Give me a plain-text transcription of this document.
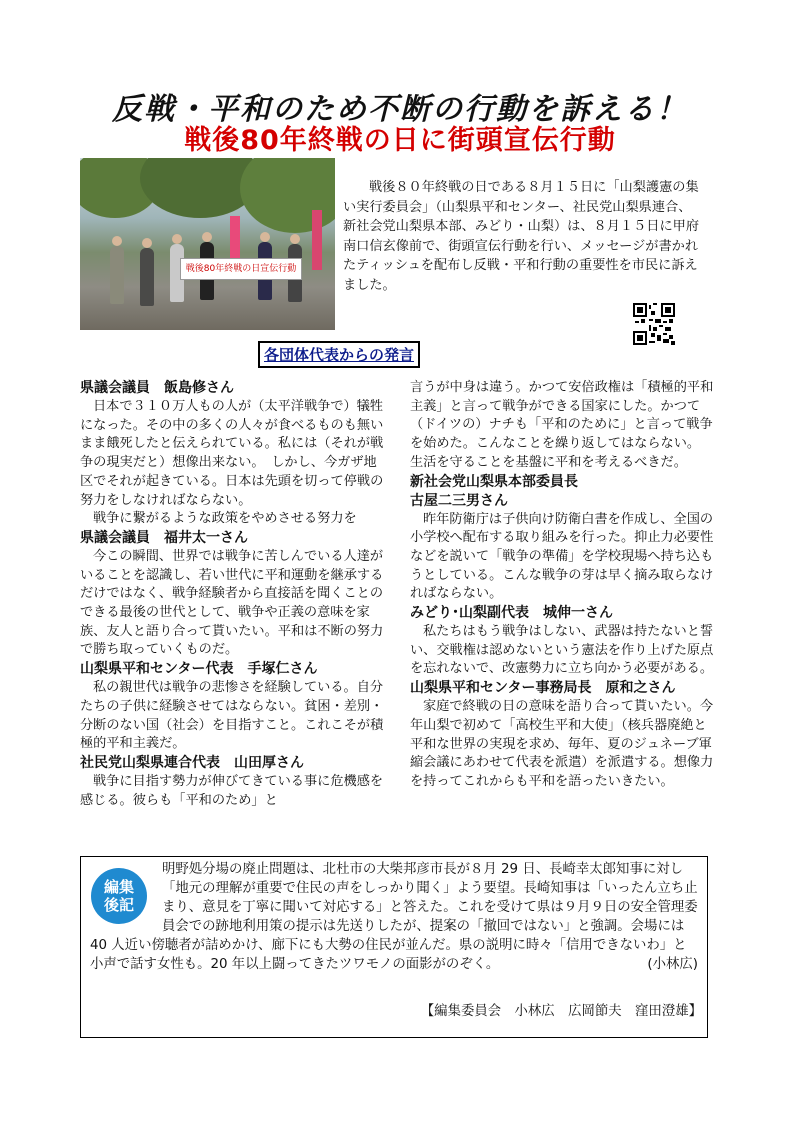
反戦・平和のため不断の行動を訴える！
戦後80年終戦の日に街頭宣伝行動
戦後80年終戦の日宣伝行動
戦後８０年終戦の日である８月１５日に「山梨護憲の集い実行委員会」（山梨県平和センター、社民党山梨県連合、新社会党山梨県本部、みどり・山梨）は、８月１５日に甲府南口信玄像前で、街頭宣伝行動を行い、メッセージが書かれたティッシュを配布し反戦・平和行動の重要性を市民に訴えました。
各団体代表からの発言
県議会議員　飯島修さん

日本で３１０万人もの人が（太平洋戦争で）犠牲になった。その中の多くの人々が食べるものも無いまま餓死したと伝えられている。私には（それが戦争の現実だと）想像出来ない。　しかし、今ガザ地区でそれが起きている。日本は先頭を切って停戦の努力をしなければならない。

戦争に繋がるような政策をやめさせる努力を

県議会議員　福井太一さん

今この瞬間、世界では戦争に苦しんでいる人達がいることを認識し、若い世代に平和運動を継承するだけではなく、戦争経験者から直接話を聞くことのできる最後の世代として、戦争や正義の意味を家族、友人と語り合って貰いたい。平和は不断の努力で勝ち取っていくものだ。

山梨県平和センター代表　手塚仁さん

私の親世代は戦争の悲惨さを経験している。自分たちの子供に経験させてはならない。貧困・差別・分断のない国（社会）を目指すこと。これこそが積極的平和主義だ。

社民党山梨県連合代表　山田厚さん

戦争に目指す勢力が伸びてきている事に危機感を感じる。彼らも「平和のため」と

言うが中身は違う。かつて安倍政権は「積極的平和主義」と言って戦争ができる国家にした。かつて（ドイツの）ナチも「平和のために」と言って戦争を始めた。こんなことを繰り返してはならない。　生活を守ることを基盤に平和を考えるべきだ。

新社会党山梨県本部委員長
古屋二三男さん

昨年防衛庁は子供向け防衛白書を作成し、全国の小学校へ配布する取り組みを行った。抑止力必要性などを説いて「戦争の準備」を学校現場へ持ち込もうとしている。こんな戦争の芽は早く摘み取らなければならない。

みどり･山梨副代表　城伸一さん

私たちはもう戦争はしない、武器は持たないと誓い、交戦権は認めないという憲法を作り上げた原点を忘れないで、改憲勢力に立ち向かう必要がある。

山梨県平和センター事務局長　原和之さん

家庭で終戦の日の意味を語り合って貰いたい。今年山梨で初めて「高校生平和大使」（核兵器廃絶と平和な世界の実現を求め、毎年、夏のジュネーブ軍縮会議にあわせて代表を派遣）を派遣する。想像力を持ってこれからも平和を語ったいきたい。

明野処分場の廃止問題は、北杜市の大柴邦彦市長が８月 29 日、長崎幸太郎知事に対し「地元の理解が重要で住民の声をしっかり聞く」よう要望。長崎知事は「いったん立ち止まり、意見を丁寧に聞いて対応する」と答えた。これを受けて県は９月９日の安全管理委員会での跡地利用策の提示は先送りしたが、提案の「撤回ではない」と強調。会場には 40 人近い傍聴者が詰めかけ、廊下にも大勢の住民が並んだ。県の説明に時々「信用できないわ」と小声で話す女性も。20 年以上闘ってきたツワモノの面影がのぞく。	(小林広)
編集
後記
【編集委員会　小林広　広岡節夫　窪田澄雄】
